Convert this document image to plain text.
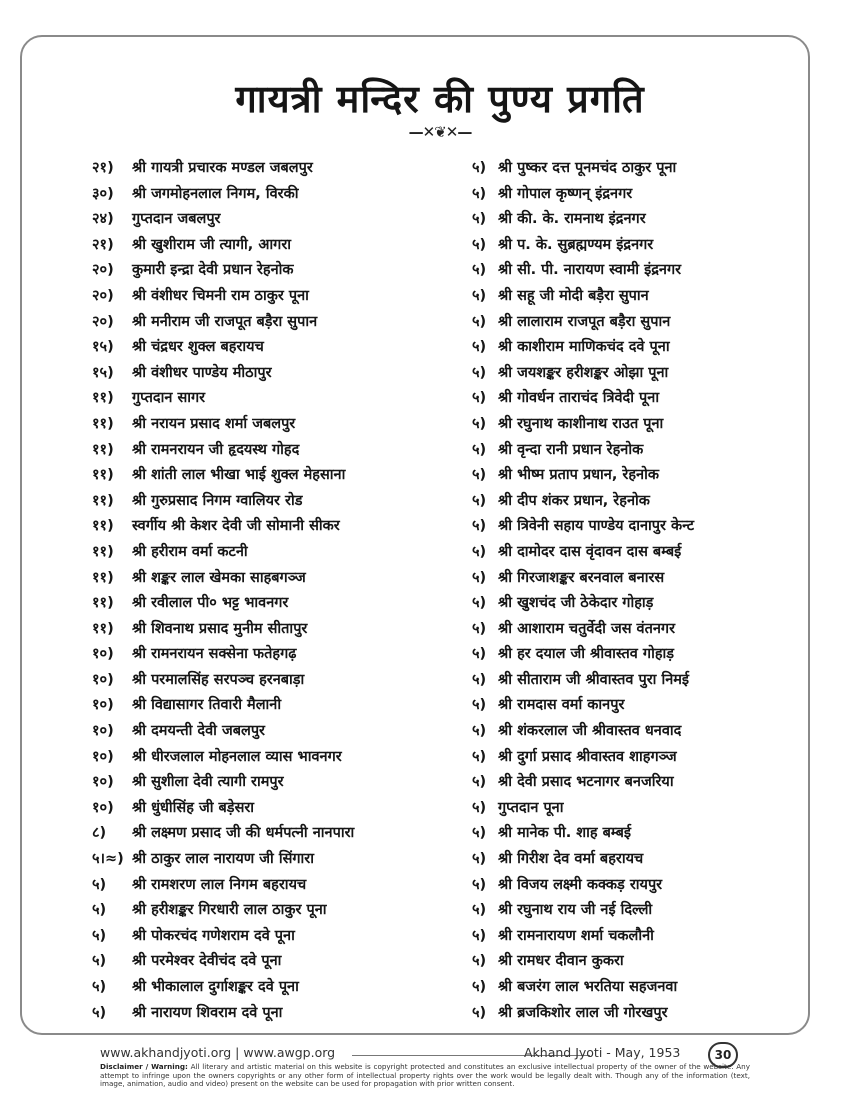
गायत्री मन्दिर की पुण्य प्रगति
—✕❦✕—
२१) श्री गायत्री प्रचारक मण्डल जबलपुर
३०) श्री जगमोहनलाल निगम, विरकी
२४) गुप्तदान जबलपुर
२१) श्री खुशीराम जी त्यागी, आगरा
२०) कुमारी इन्द्रा देवी प्रधान रेहनोक
२०) श्री वंशीधर चिमनी राम ठाकुर पूना
२०) श्री मनीराम जी राजपूत बड़ैरा सुपान
१५) श्री चंद्रधर शुक्ल बहरायच
१५) श्री वंशीधर पाण्डेय मीठापुर
११) गुप्तदान सागर
११) श्री नरायन प्रसाद शर्मा जबलपुर
११) श्री रामनरायन जी हृदयस्थ गोहद
११) श्री शांती लाल भीखा भाई शुक्ल मेहसाना
११) श्री गुरुप्रसाद निगम ग्वालियर रोड
११) स्वर्गीय श्री केशर देवी जी सोमानी सीकर
११) श्री हरीराम वर्मा कटनी
११) श्री शङ्कर लाल खेमका साहबगञ्ज
११) श्री रवीलाल पी० भट्ट भावनगर
११) श्री शिवनाथ प्रसाद मुनीम सीतापुर
१०) श्री रामनरायन सक्सेना फतेहगढ़
१०) श्री परमालसिंह सरपञ्च हरनबाड़ा
१०) श्री विद्यासागर तिवारी मैलानी
१०) श्री दमयन्ती देवी जबलपुर
१०) श्री धीरजलाल मोहनलाल व्यास भावनगर
१०) श्री सुशीला देवी त्यागी रामपुर
१०) श्री धुंधीसिंह जी बड़ेसरा
८) श्री लक्ष्मण प्रसाद जी की धर्मपत्नी नानपारा
५।≈) श्री ठाकुर लाल नारायण जी सिंगारा
५) श्री रामशरण लाल निगम बहरायच
५) श्री हरीशङ्कर गिरधारी लाल ठाकुर पूना
५) श्री पोकरचंद गणेशराम दवे पूना
५) श्री परमेश्वर देवीचंद दवे पूना
५) श्री भीकालाल दुर्गाशङ्कर दवे पूना
५) श्री नारायण शिवराम दवे पूना
५) श्री पुष्कर दत्त पूनमचंद ठाकुर पूना
५) श्री गोपाल कृष्णन् इंद्रनगर
५) श्री की. के. रामनाथ इंद्रनगर
५) श्री प. के. सुब्रह्मण्यम इंद्रनगर
५) श्री सी. पी. नारायण स्वामी इंद्रनगर
५) श्री सहू जी मोदी बड़ैरा सुपान
५) श्री लालाराम राजपूत बड़ैरा सुपान
५) श्री काशीराम माणिकचंद दवे पूना
५) श्री जयशङ्कर हरीशङ्कर ओझा पूना
५) श्री गोवर्धन ताराचंद त्रिवेदी पूना
५) श्री रघुनाथ काशीनाथ राउत पूना
५) श्री वृन्दा रानी प्रधान रेहनोक
५) श्री भीष्म प्रताप प्रधान, रेहनोक
५) श्री दीप शंकर प्रधान, रेहनोक
५) श्री त्रिवेनी सहाय पाण्डेय दानापुर केन्ट
५) श्री दामोदर दास वृंदावन दास बम्बई
५) श्री गिरजाशङ्कर बरनवाल बनारस
५) श्री खुशचंद जी ठेकेदार गोहाड़
५) श्री आशाराम चतुर्वेदी जस वंतनगर
५) श्री हर दयाल जी श्रीवास्तव गोहाड़
५) श्री सीताराम जी श्रीवास्तव पुरा निमई
५) श्री रामदास वर्मा कानपुर
५) श्री शंकरलाल जी श्रीवास्तव धनवाद
५) श्री दुर्गा प्रसाद श्रीवास्तव शाहगञ्ज
५) श्री देवी प्रसाद भटनागर बनजरिया
५) गुप्तदान पूना
५) श्री मानेक पी. शाह बम्बई
५) श्री गिरीश देव वर्मा बहरायच
५) श्री विजय लक्ष्मी कक्कड़ रायपुर
५) श्री रघुनाथ राय जी नई दिल्ली
५) श्री रामनारायण शर्मा चकलौनी
५) श्री रामधर दीवान कुकरा
५) श्री बजरंग लाल भरतिया सहजनवा
५) श्री ब्रजकिशोर लाल जी गोरखपुर
www.akhandjyoti.org | www.awgp.org	Akhand Jyoti - May, 1953	30
Disclaimer / Warning: All literary and artistic material on this website is copyright protected and constitutes an exclusive intellectual property of the owner of the website. Any attempt to infringe upon the owners copyrights or any other form of intellectual property rights over the work would be legally dealt with. Though any of the information (text, image, animation, audio and video) present on the website can be used for propagation with prior written consent.
